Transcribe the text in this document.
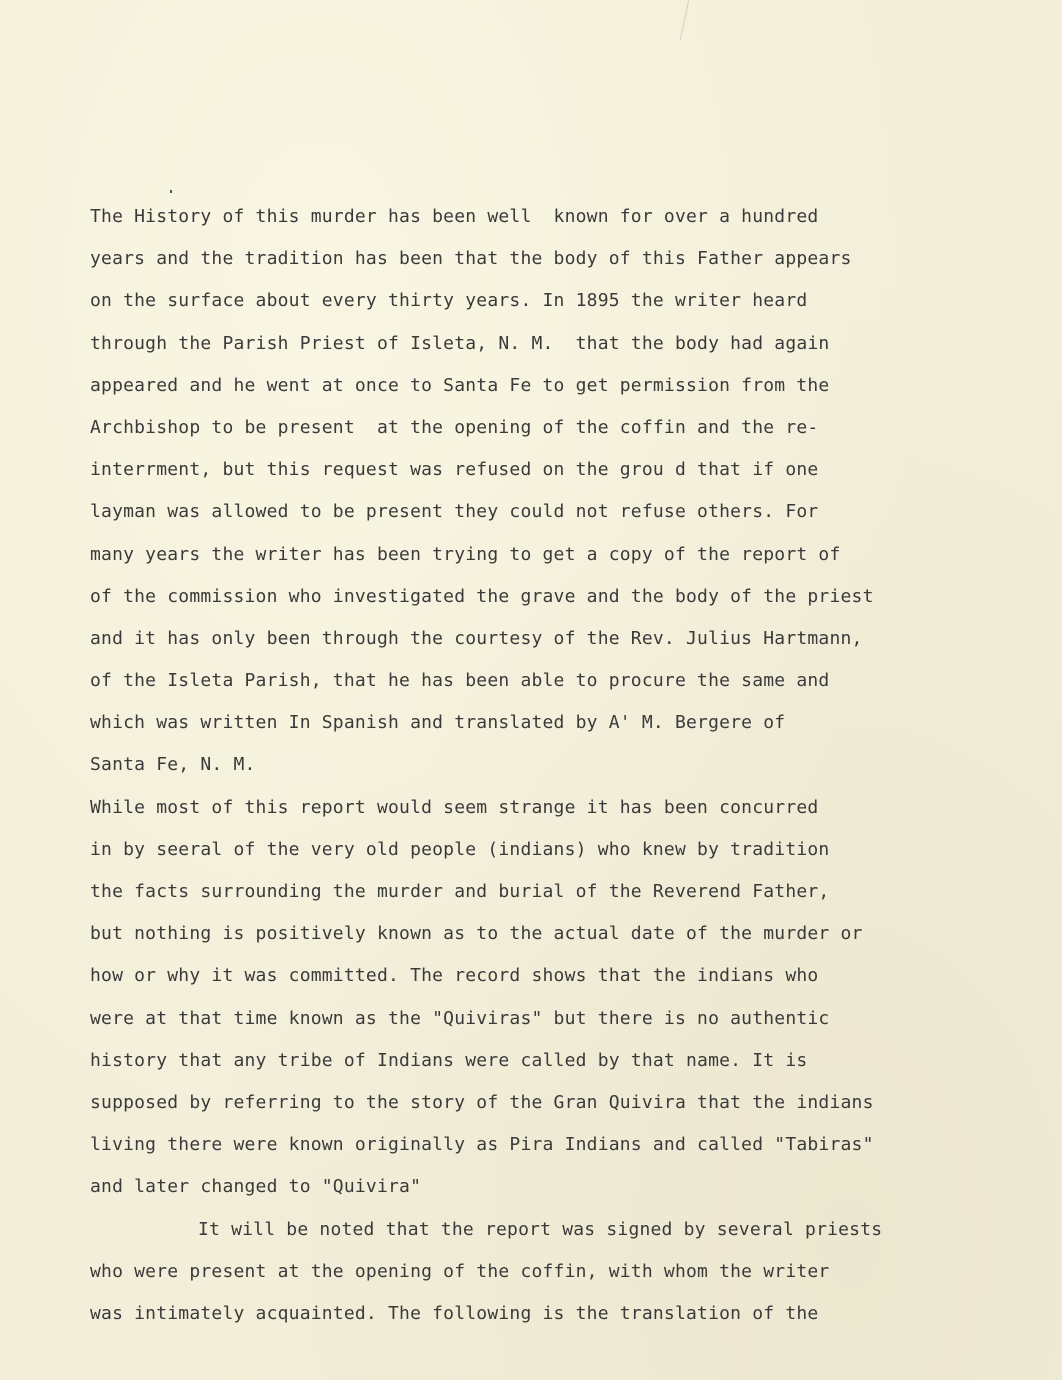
The History of this murder has been well  known for over a hundred
years and the tradition has been that the body of this Father appears
on the surface about every thirty years. In 1895 the writer heard
through the Parish Priest of Isleta, N. M.  that the body had again
appeared and he went at once to Santa Fe to get permission from the
Archbishop to be present  at the opening of the coffin and the re-
interrment, but this request was refused on the grou d that if one
layman was allowed to be present they could not refuse others. For
many years the writer has been trying to get a copy of the report of
of the commission who investigated the grave and the body of the priest
and it has only been through the courtesy of the Rev. Julius Hartmann,
of the Isleta Parish, that he has been able to procure the same and
which was written In Spanish and translated by A' M. Bergere of
Santa Fe, N. M.
While most of this report would seem strange it has been concurred
in by seeral of the very old people (indians) who knew by tradition
the facts surrounding the murder and burial of the Reverend Father,
but nothing is positively known as to the actual date of the murder or
how or why it was committed. The record shows that the indians who
were at that time known as the "Quiviras" but there is no authentic
history that any tribe of Indians were called by that name. It is
supposed by referring to the story of the Gran Quivira that the indians
living there were known originally as Pira Indians and called "Tabiras"
and later changed to "Quivira"
It will be noted that the report was signed by several priests
who were present at the opening of the coffin, with whom the writer
was intimately acquainted. The following is the translation of the
